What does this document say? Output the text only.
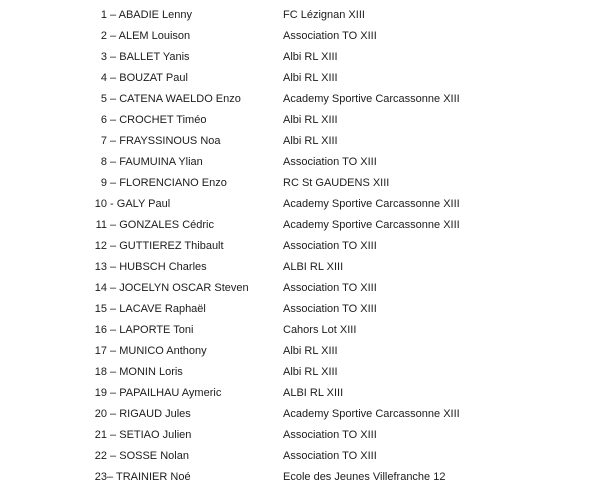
1 – ABADIE Lenny	FC Lézignan XIII
2 – ALEM Louison	Association TO XIII
3 – BALLET Yanis	Albi RL XIII
4 – BOUZAT Paul	Albi RL XIII
5 – CATENA WAELDO Enzo	Academy Sportive Carcassonne XIII
6 – CROCHET Timéo	Albi RL XIII
7 – FRAYSSINOUS Noa	Albi RL XIII
8 – FAUMUINA Ylian	Association TO XIII
9 – FLORENCIANO Enzo	RC St GAUDENS XIII
10 - GALY Paul	Academy Sportive Carcassonne XIII
11 – GONZALES Cédric	Academy Sportive Carcassonne XIII
12 – GUTTIEREZ Thibault	Association TO XIII
13 – HUBSCH Charles	ALBI RL XIII
14 – JOCELYN OSCAR Steven	Association TO XIII
15 – LACAVE Raphaël	Association TO XIII
16 – LAPORTE Toni	Cahors Lot XIII
17 – MUNICO Anthony	Albi RL XIII
18 – MONIN Loris	Albi RL XIII
19 – PAPAILHAU Aymeric	ALBI RL XIII
20 – RIGAUD Jules	Academy Sportive Carcassonne XIII
21 – SETIAO Julien	Association TO XIII
22 – SOSSE Nolan	Association TO XIII
23– TRAINIER Noé	Ecole des Jeunes Villefranche 12
